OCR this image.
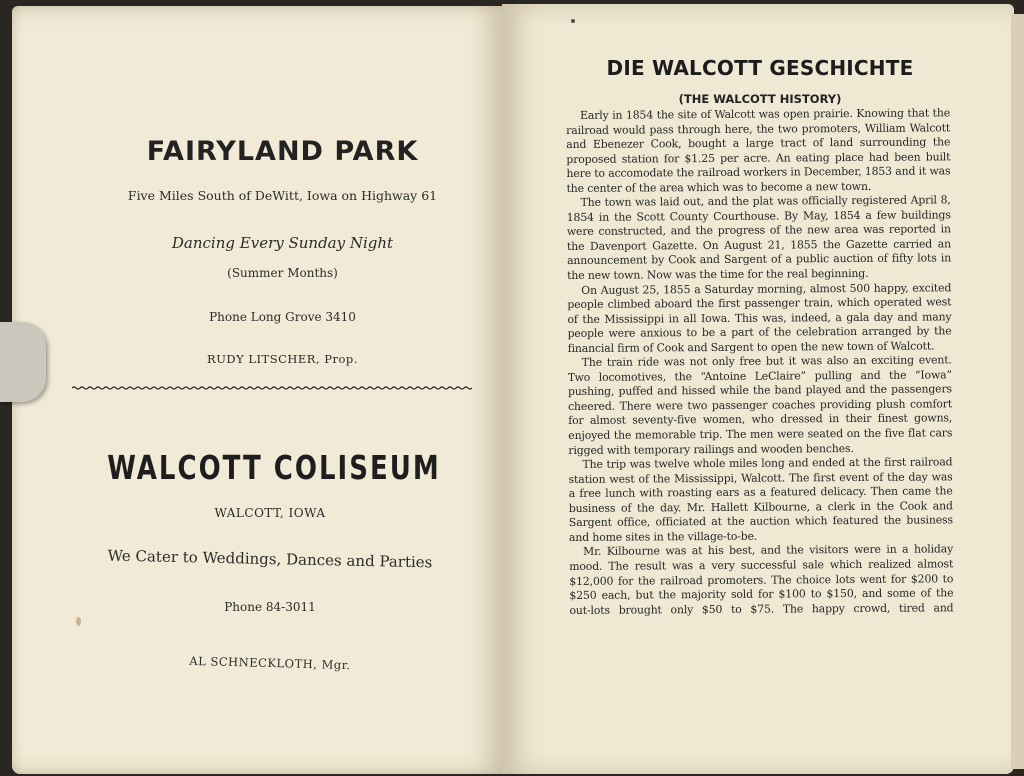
FAIRYLAND PARK
Five Miles South of DeWitt, Iowa on Highway 61
Dancing Every Sunday Night
(Summer Months)
Phone Long Grove 3410
RUDY LITSCHER, Prop.
WALCOTT COLISEUM
WALCOTT, IOWA
We Cater to Weddings, Dances and Parties
Phone 84-3011
AL SCHNECKLOTH, Mgr.
DIE WALCOTT GESCHICHTE
(THE WALCOTT HISTORY)

Early in 1854 the site of Walcott was open prairie. Knowing that the railroad would pass through here, the two promoters, William Walcott and Ebenezer Cook, bought a large tract of land surrounding the proposed station for $1.25 per acre. An eating place had been built here to accomodate the railroad workers in December, 1853 and it was the center of the area which was to become a new town.

The town was laid out, and the plat was officially registered April 8, 1854 in the Scott County Courthouse. By May, 1854 a few buildings were constructed, and the progress of the new area was reported in the Davenport Gazette. On August 21, 1855 the Gazette carried an announcement by Cook and Sargent of a public auction of fifty lots in the new town. Now was the time for the real beginning.

On August 25, 1855 a Saturday morning, almost 500 happy, excited people climbed aboard the first passenger train, which operated west of the Mississippi in all Iowa. This was, indeed, a gala day and many people were anxious to be a part of the celebration arranged by the financial firm of Cook and Sargent to open the new town of Walcott.

The train ride was not only free but it was also an exciting event. Two locomotives, the “Antoine LeClaire” pulling and the “Iowa” pushing, puffed and hissed while the band played and the passengers cheered. There were two passenger coaches providing plush comfort for almost seventy-five women, who dressed in their finest gowns, enjoyed the memorable trip. The men were seated on the five flat cars rigged with temporary railings and wooden benches.

The trip was twelve whole miles long and ended at the first railroad station west of the Mississippi, Walcott. The first event of the day was a free lunch with roasting ears as a featured delicacy. Then came the business of the day. Mr. Hallett Kilbourne, a clerk in the Cook and Sargent office, officiated at the auction which featured the business and home sites in the village-to-be.

Mr. Kilbourne was at his best, and the visitors were in a holiday mood. The result was a very successful sale which realized almost $12,000 for the railroad promoters. The choice lots went for $200 to $250 each, but the majority sold for $100 to $150, and some of the out-lots brought only $50 to $75. The happy crowd, tired and
